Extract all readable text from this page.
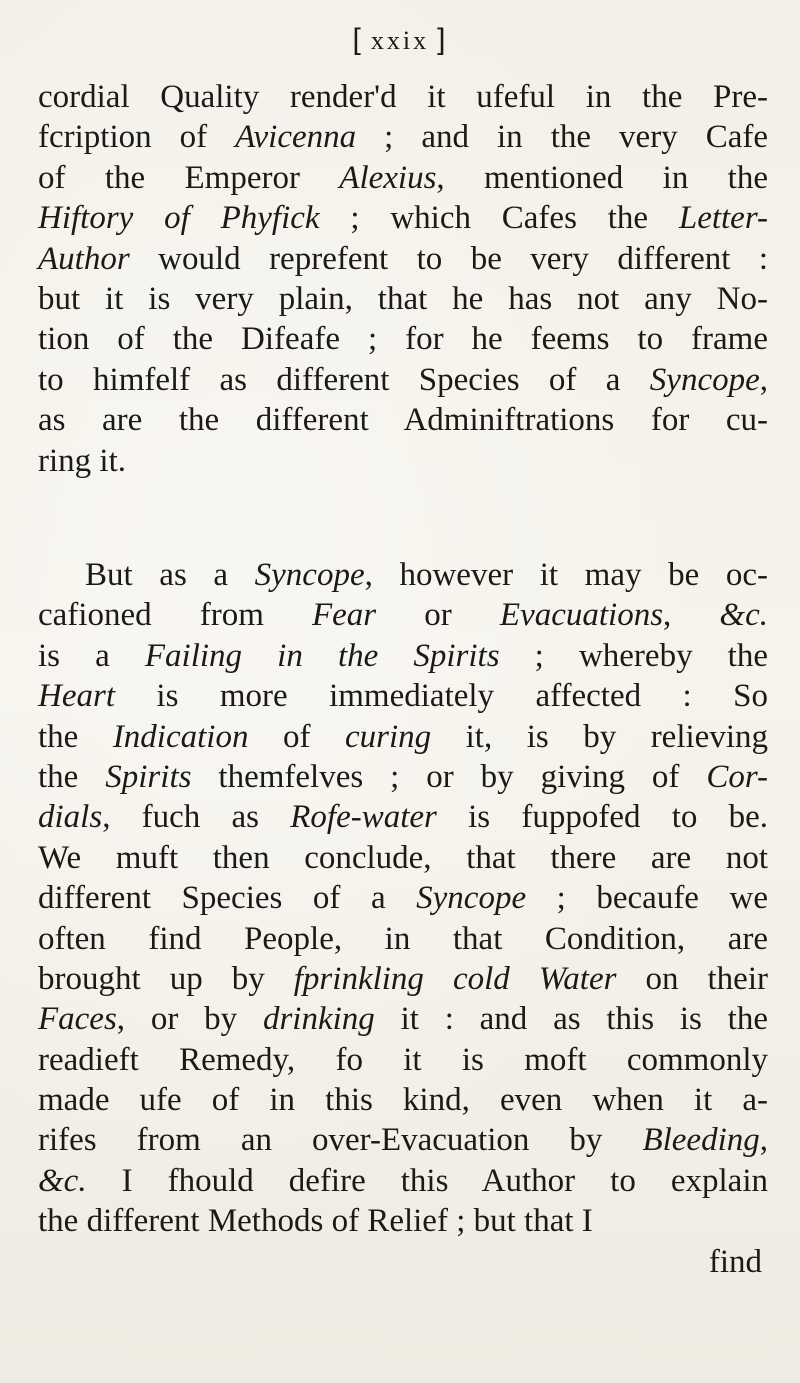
[ xxix ]
cordial Quality render'd it ufeful in the Pre-
fcription of Avicenna ; and in the very Cafe
of the Emperor Alexius, mentioned in the
Hiftory of Phyfick ; which Cafes the Letter-
Author would reprefent to be very different :
but it is very plain, that he has not any No-
tion of the Difeafe ; for he feems to frame
to himfelf as different Species of a Syncope,
as are the different Adminiftrations for cu-
ring it.
But as a Syncope, however it may be oc-
cafioned from Fear or Evacuations, &c.
is a Failing in the Spirits ; whereby the
Heart is more immediately affected : So
the Indication of curing it, is by relieving
the Spirits themfelves ; or by giving of Cor-
dials, fuch as Rofe-water is fuppofed to be.
We muft then conclude, that there are not
different Species of a Syncope ; becaufe we
often find People, in that Condition, are
brought up by fprinkling cold Water on their
Faces, or by drinking it : and as this is the
readieft Remedy, fo it is moft commonly
made ufe of in this kind, even when it a-
rifes from an over-Evacuation by Bleeding,
&c. I fhould defire this Author to explain
the different Methods of Relief ; but that I
find
